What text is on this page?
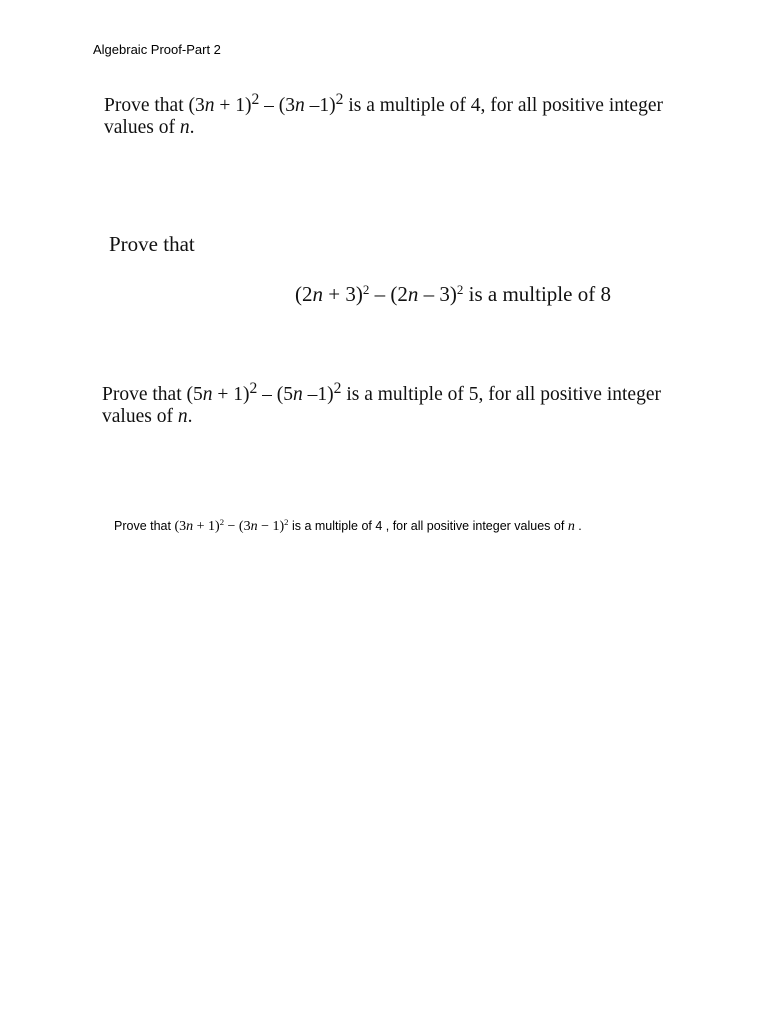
Algebraic Proof-Part 2
Prove that $(3n + 1)^2 - (3n$ –1)$^2$ is a multiple of 4, for all positive integer
values of n.
Prove that
$(2n + 3)^2 - (2n - 3)^2$ is a multiple of 8
Prove that $(5n + 1)^2 - (5n$ –1)$^2$ is a multiple of 5, for all positive integer
values of n.
Prove that $(3n + 1)^2 - (3n - 1)^2$ is a multiple of 4 , for all positive integer values of n .
